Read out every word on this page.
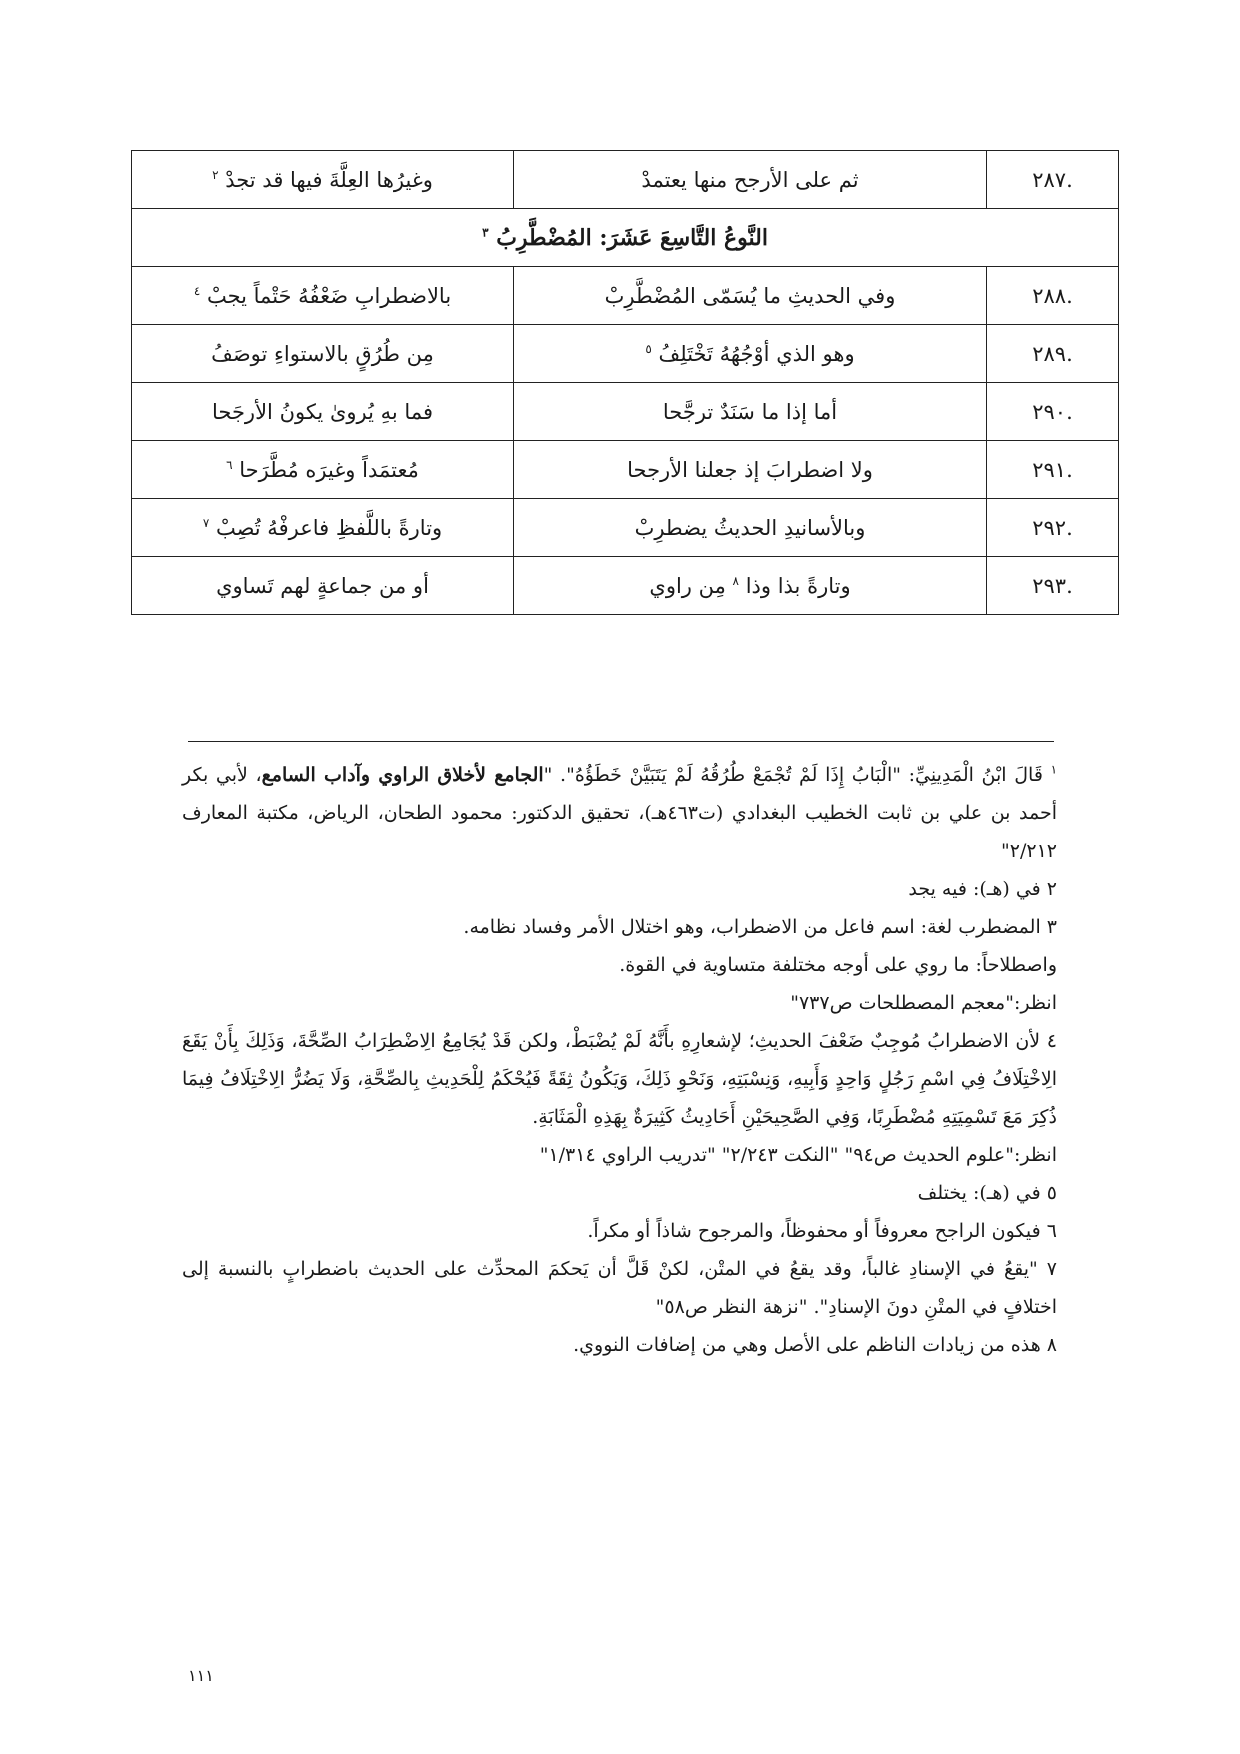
.٢٨٧	ثم على الأرجح منها يعتمدْ	وغيرُها العِلَّةَ فيها قد تجدْ $^٢$
النَّوعُ التَّاسِعَ عَشَرَ: المُضْطَّرِبُ $^٣$
.٢٨٨	وفي الحديثِ ما يُسَمّى المُضْطَّرِبْ	بالاضطرابِ ضَعْفُهُ حَتْماً يجبْ $^٤$
.٢٨٩	وهو الذي أوْجُهُهُ تَخْتَلِفُ $^٥$	مِن طُرُقٍ بالاستواءِ توصَفُ
.٢٩٠	أما إذا ما سَنَدٌ ترجَّحا	فما بهِ يُروىٰ يكونُ الأرجَحا
.٢٩١	ولا اضطرابَ إذ جعلنا الأرجحا	مُعتمَداً وغيرَه مُطَّرَحا $^٦$
.٢٩٢	وبالأسانيدِ الحديثُ يضطرِبْ	وتارةً باللَّفظِ فاعرفْهُ تُصِبْ $^٧$
.٢٩٣	وتارةً بذا وذا $^٨$ مِن راوي	أو من جماعةٍ لهم تَساوي

$^١$ قَالَ ابْنُ الْمَدِينِيِّ: "الْبَابُ إِذَا لَمْ تُجْمَعْ طُرُقُهُ لَمْ يَتَبَيَّنْ خَطَؤُهُ". "الجامع لأخلاق الراوي وآداب السامع، لأبي بكر أحمد بن علي بن ثابت الخطيب البغدادي (ت٤٦٣هـ)، تحقيق الدكتور: محمود الطحان، الرياض، مكتبة المعارف ٢/٢١٢"

٢ في (هـ): فيه يجد

٣ المضطرب لغة: اسم فاعل من الاضطراب، وهو اختلال الأمر وفساد نظامه.

واصطلاحاً: ما روي على أوجه مختلفة متساوية في القوة.

انظر:"معجم المصطلحات ص٧٣٧"

٤ لأن الاضطرابُ مُوجِبٌ ضَعْفَ الحديثِ؛ لإشعارِهِ بأَنَّهُ لَمْ يُضْبَطْ، ولكن قَدْ يُجَامِعُ الِاضْطِرَابُ الصِّحَّةَ، وَذَلِكَ بِأَنْ يَقَعَ الِاخْتِلَافُ فِي اسْمِ رَجُلٍ وَاحِدٍ وَأَبِيهِ، وَنِسْبَتِهِ، وَنَحْوِ ذَلِكَ، وَيَكُونُ ثِقَةً فَيُحْكَمُ لِلْحَدِيثِ بِالصِّحَّةِ، وَلَا يَضُرُّ الِاخْتِلَافُ فِيمَا ذُكِرَ مَعَ تَسْمِيَتِهِ مُضْطَرِبًا، وَفِي الصَّحِيحَيْنِ أَحَادِيثُ كَثِيرَةٌ بِهَذِهِ الْمَثَابَةِ.

انظر:"علوم الحديث ص٩٤" "النكت ٢/٢٤٣" "تدريب الراوي ١/٣١٤"

٥ في (هـ): يختلف

٦ فيكون الراجح معروفاً أو محفوظاً، والمرجوح شاذاً أو مكراً.

٧ "يقعُ في الإسنادِ غالباً، وقد يقعُ في المتْن، لكنْ قَلَّ أن يَحكمَ المحدِّث على الحديث باضطرابٍ بالنسبة إلى اختلافٍ في المتْنِ دونَ الإسنادِ". "نزهة النظر ص٥٨"

٨ هذه من زيادات الناظم على الأصل وهي من إضافات النووي.

١١١
